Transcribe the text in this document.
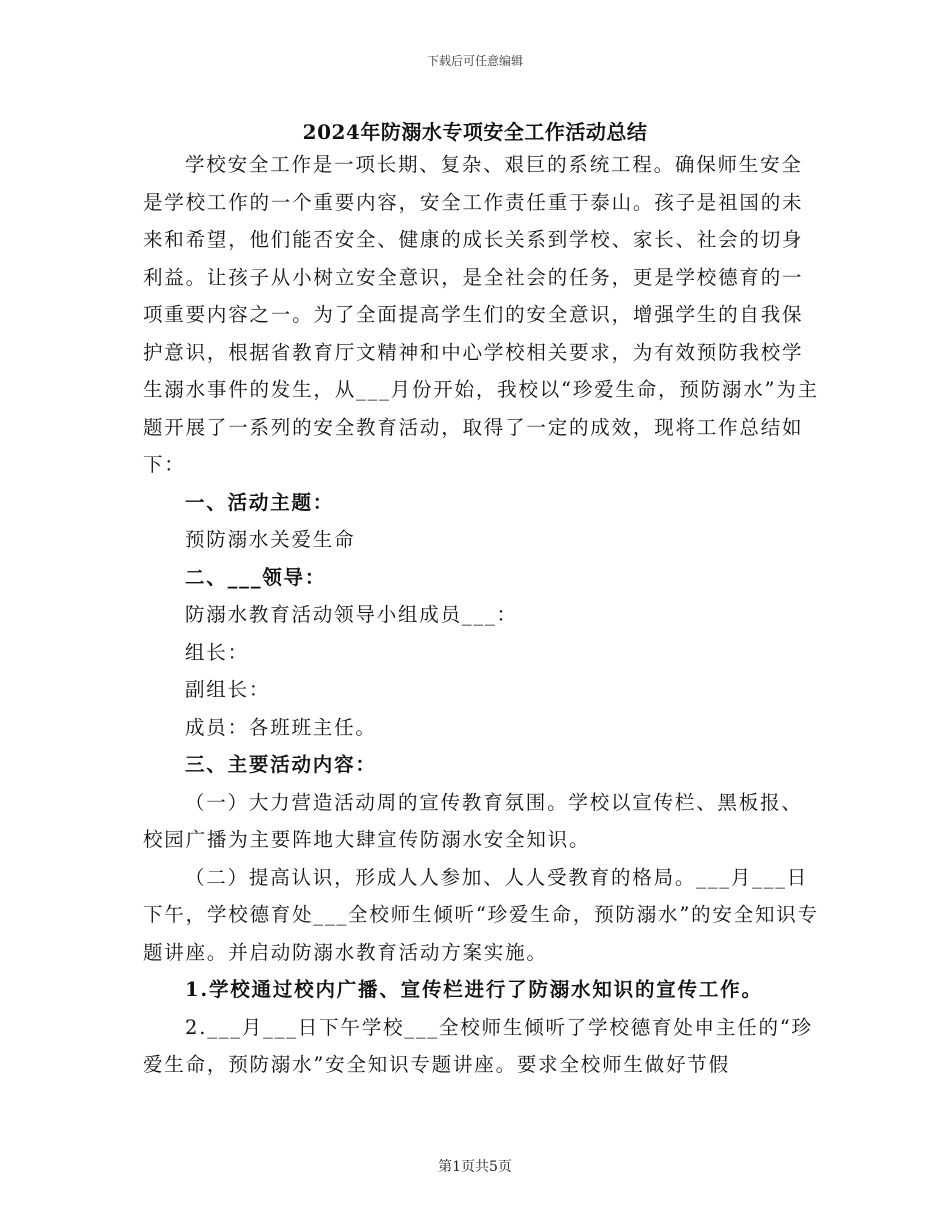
下载后可任意编辑
2024年防溺水专项安全工作活动总结

学校安全工作是一项长期、复杂、艰巨的系统工程。确保师生安全是学校工作的一个重要内容，安全工作责任重于泰山。孩子是祖国的未来和希望，他们能否安全、健康的成长关系到学校、家长、社会的切身利益。让孩子从小树立安全意识，是全社会的任务，更是学校德育的一项重要内容之一。为了全面提高学生们的安全意识，增强学生的自我保护意识，根据省教育厅文精神和中心学校相关要求，为有效预防我校学生溺水事件的发生，从___月份开始，我校以“珍爱生命，预防溺水”为主题开展了一系列的安全教育活动，取得了一定的成效，现将工作总结如下：

一、活动主题：

预防溺水关爱生命

二、___领导：

防溺水教育活动领导小组成员___：

组长：

副组长：

成员：各班班主任。

三、主要活动内容：

（一）大力营造活动周的宣传教育氛围。学校以宣传栏、黑板报、校园广播为主要阵地大肆宣传防溺水安全知识。

（二）提高认识，形成人人参加、人人受教育的格局。___月___日下午，学校德育处___全校师生倾听“珍爱生命，预防溺水”的安全知识专题讲座。并启动防溺水教育活动方案实施。

1.学校通过校内广播、宣传栏进行了防溺水知识的宣传工作。

2.___月___日下午学校___全校师生倾听了学校德育处申主任的“珍爱生命，预防溺水”安全知识专题讲座。要求全校师生做好节假

第1页共5页
